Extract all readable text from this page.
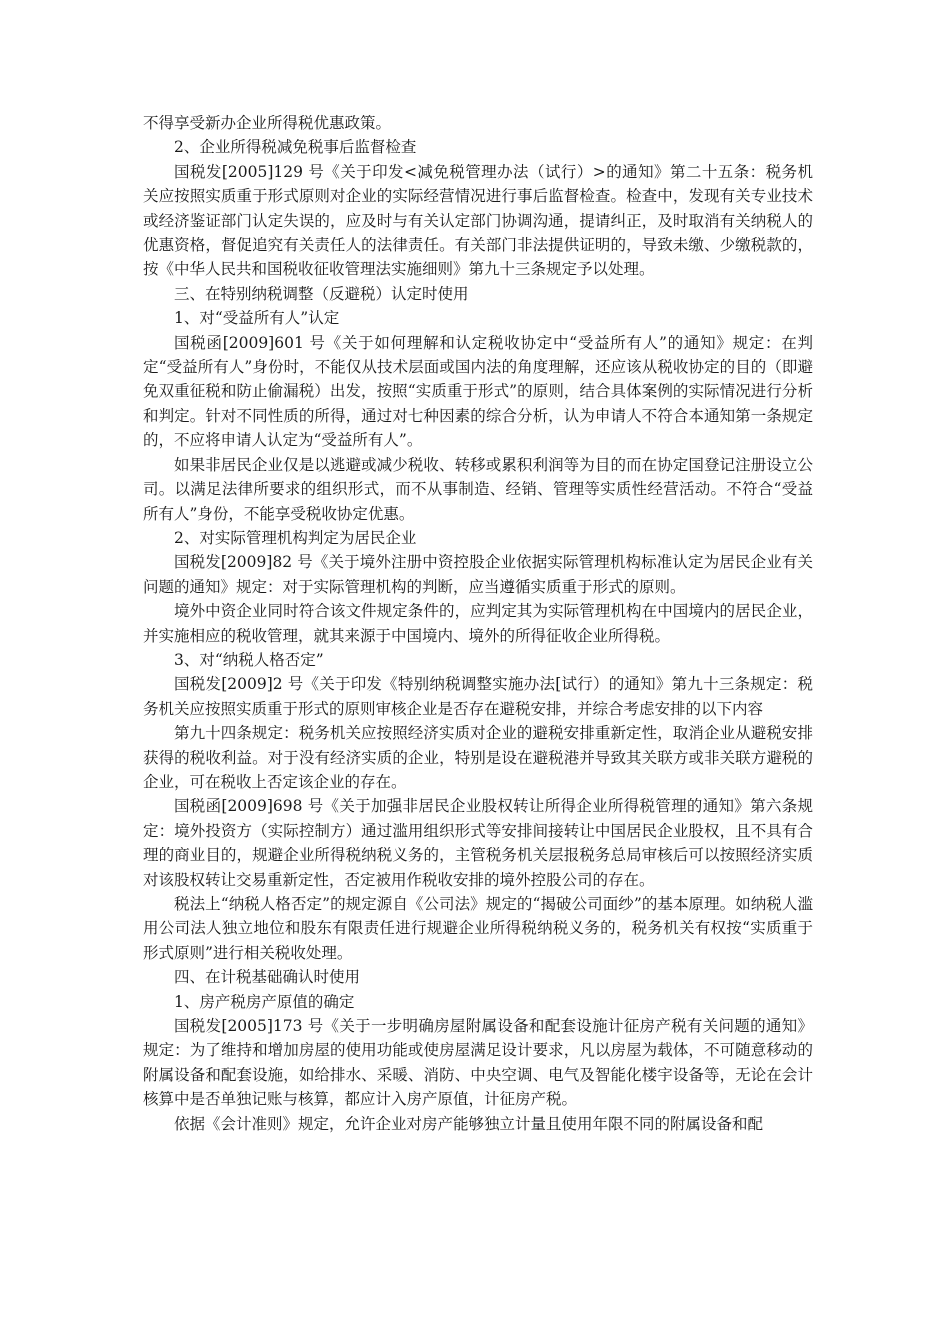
不得享受新办企业所得税优惠政策。

2、企业所得税减免税事后监督检查

国税发[2005]129 号《关于印发<减免税管理办法（试行）>的通知》第二十五条：税务机关应按照实质重于形式原则对企业的实际经营情况进行事后监督检查。检查中，发现有关专业技术或经济鉴证部门认定失误的，应及时与有关认定部门协调沟通，提请纠正，及时取消有关纳税人的优惠资格，督促追究有关责任人的法律责任。有关部门非法提供证明的，导致未缴、少缴税款的，按《中华人民共和国税收征收管理法实施细则》第九十三条规定予以处理。

三、在特别纳税调整（反避税）认定时使用

1、对“受益所有人”认定

国税函[2009]601 号《关于如何理解和认定税收协定中“受益所有人”的通知》规定：在判定“受益所有人”身份时，不能仅从技术层面或国内法的角度理解，还应该从税收协定的目的（即避免双重征税和防止偷漏税）出发，按照“实质重于形式”的原则，结合具体案例的实际情况进行分析和判定。针对不同性质的所得，通过对七种因素的综合分析，认为申请人不符合本通知第一条规定的，不应将申请人认定为“受益所有人”。

如果非居民企业仅是以逃避或减少税收、转移或累积利润等为目的而在协定国登记注册设立公司。以满足法律所要求的组织形式，而不从事制造、经销、管理等实质性经营活动。不符合“受益所有人”身份，不能享受税收协定优惠。

2、对实际管理机构判定为居民企业

国税发[2009]82 号《关于境外注册中资控股企业依据实际管理机构标准认定为居民企业有关问题的通知》规定：对于实际管理机构的判断，应当遵循实质重于形式的原则。

境外中资企业同时符合该文件规定条件的，应判定其为实际管理机构在中国境内的居民企业，并实施相应的税收管理，就其来源于中国境内、境外的所得征收企业所得税。

3、对“纳税人格否定”

国税发[2009]2 号《关于印发《特别纳税调整实施办法[试行）的通知》第九十三条规定：税务机关应按照实质重于形式的原则审核企业是否存在避税安排，并综合考虑安排的以下内容

第九十四条规定：税务机关应按照经济实质对企业的避税安排重新定性，取消企业从避税安排获得的税收利益。对于没有经济实质的企业，特别是设在避税港并导致其关联方或非关联方避税的企业，可在税收上否定该企业的存在。

国税函[2009]698 号《关于加强非居民企业股权转让所得企业所得税管理的通知》第六条规定：境外投资方（实际控制方）通过滥用组织形式等安排间接转让中国居民企业股权，且不具有合理的商业目的，规避企业所得税纳税义务的，主管税务机关层报税务总局审核后可以按照经济实质对该股权转让交易重新定性，否定被用作税收安排的境外控股公司的存在。

税法上“纳税人格否定”的规定源自《公司法》规定的“揭破公司面纱”的基本原理。如纳税人滥用公司法人独立地位和股东有限责任进行规避企业所得税纳税义务的，税务机关有权按“实质重于形式原则”进行相关税收处理。

四、在计税基础确认时使用

1、房产税房产原值的确定

国税发[2005]173 号《关于一步明确房屋附属设备和配套设施计征房产税有关问题的通知》规定：为了维持和增加房屋的使用功能或使房屋满足设计要求，凡以房屋为载体，不可随意移动的附属设备和配套设施，如给排水、采暖、消防、中央空调、电气及智能化楼宇设备等，无论在会计核算中是否单独记账与核算，都应计入房产原值，计征房产税。

依据《会计准则》规定，允许企业对房产能够独立计量且使用年限不同的附属设备和配
